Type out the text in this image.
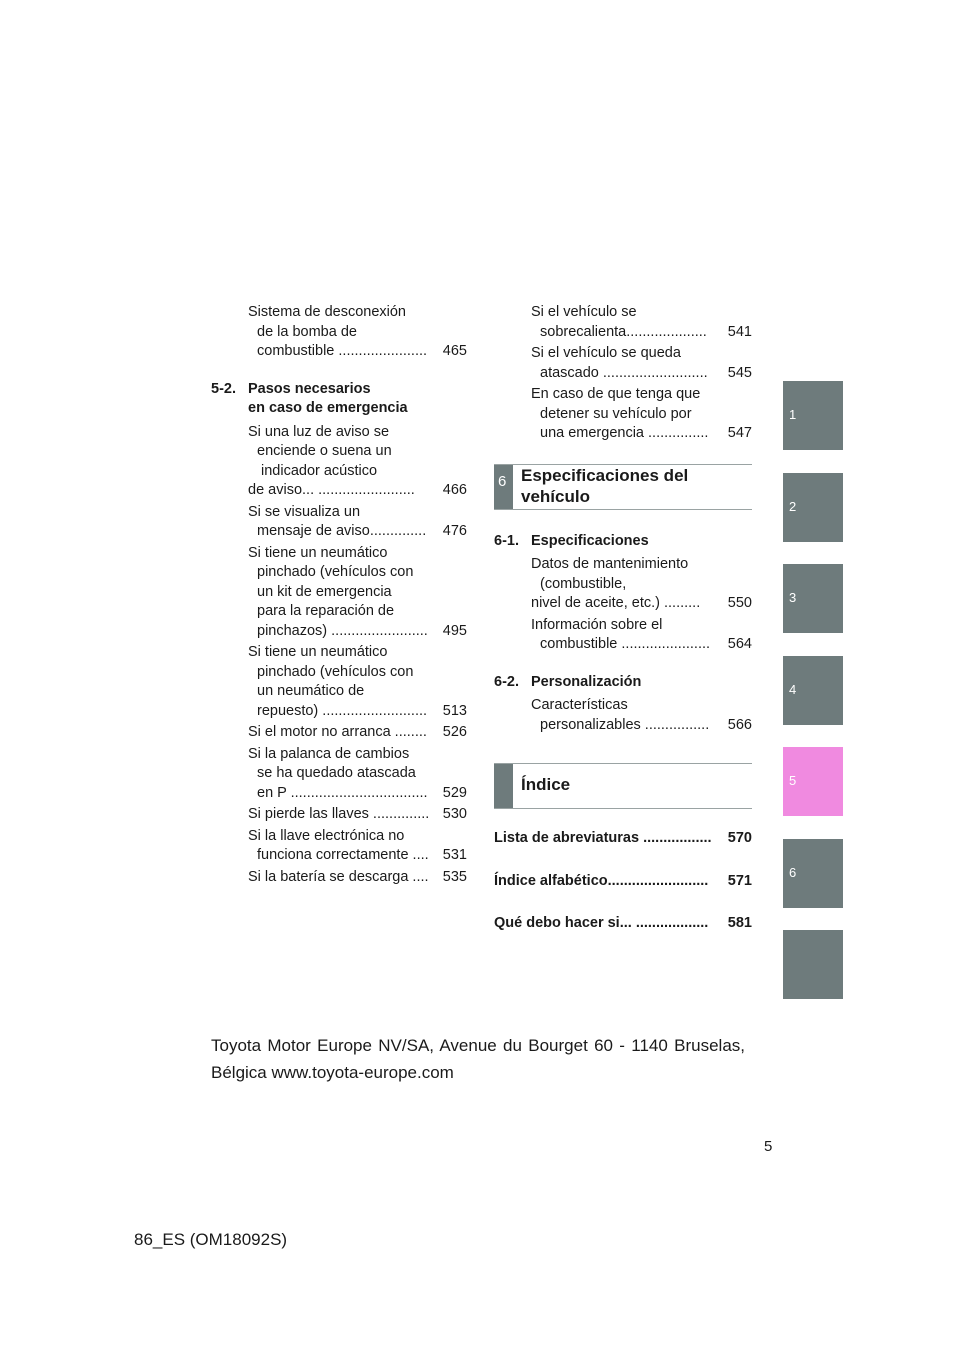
Sistema de desconexión
de la bomba de
combustible ......................	465
5-2. Pasos necesarios
en caso de emergencia
Si una luz de aviso se
enciende o suena un
indicador acústico
de aviso... ........................	466
Si se visualiza un
mensaje de aviso..............	476
Si tiene un neumático
pinchado (vehículos con
un kit de emergencia
para la reparación de
pinchazos) ........................	495
Si tiene un neumático
pinchado (vehículos con
un neumático de
repuesto) ..........................	513
Si el motor no arranca ........	526
Si la palanca de cambios
se ha quedado atascada
en P ..................................	529
Si pierde las llaves .............. 530
Si la llave electrónica no
funciona correctamente .... 531
Si la batería se descarga .... 535
Si el vehículo se
sobrecalienta....................	541
Si el vehículo se queda
atascado ..........................	545
En caso de que tenga que
detener su vehículo por
una emergencia ...............	547
6 Especificaciones del
vehículo
6-1. Especificaciones
Datos de mantenimiento
(combustible,
nivel de aceite, etc.) .........	550
Información sobre el
combustible ......................	564
6-2. Personalización
Características
personalizables ................	566
Índice
Lista de abreviaturas ................. 570
Índice alfabético......................... 571
Qué debo hacer si... .................. 581
1
2
3
4
5
6
Toyota Motor Europe NV/SA, Avenue du Bourget 60 - 1140 Bruselas, Bélgica www.toyota-europe.com
5
86_ES (OM18092S)
